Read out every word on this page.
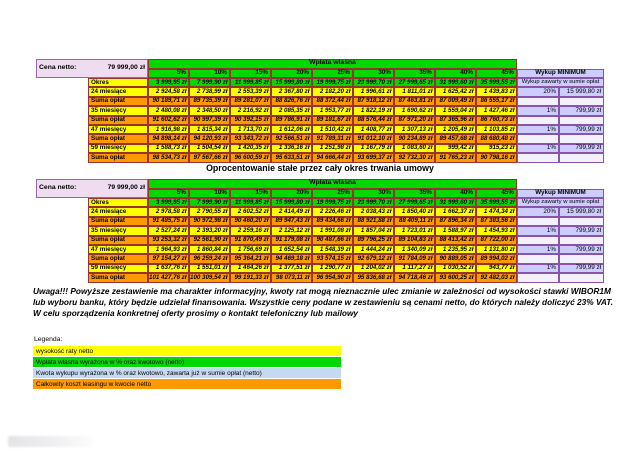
Cena netto:	79 999,00 zł
Wpłata własna
5%	10%	15%	20%	25%	30%	35%	40%	45%	Wykup MINIMUM
Wykup zawarty w sumie opłat
Okres	3 999,95 zł	7 999,90 zł	11 999,85 zł	15 999,80 zł	19 999,75 zł	23 999,70 zł	27 999,65 zł	31 999,60 zł	35 999,55 zł
24 miesiące	2 924,58 zł	2 738,99 zł	2 553,39 zł	2 367,80 zł	2 182,20 zł	1 996,61 zł	1 811,01 zł	1 625,42 zł	1 439,83 zł	20%	15 999,80 zł
Suma opłat	90 189,71 zł	89 735,39 zł	89 281,07 zł	88 826,76 zł	88 372,44 zł	87 918,12 zł	87 463,81 zł	87 009,49 zł	86 555,17 zł
35 miesięcy	2 480,08 zł	2 348,50 zł	2 216,92 zł	2 085,35 zł	1 953,77 zł	1 822,19 zł	1 690,62 zł	1 559,04 zł	1 427,46 zł	1%	799,99 zł
Suma opłat	91 602,62 zł	90 997,39 zł	90 392,15 zł	89 786,91 zł	89 181,67 zł	88 576,44 zł	87 971,20 zł	87 365,96 zł	86 760,73 zł
47 miesięcy	1 916,98 zł	1 815,34 zł	1 713,70 zł	1 612,06 zł	1 510,42 zł	1 408,77 zł	1 307,13 zł	1 205,49 zł	1 103,85 zł	1%	799,99 zł
Suma opłat	94 898,14 zł	94 120,93 zł	93 343,72 zł	92 566,51 zł	91 789,31 zł	91 012,10 zł	90 234,89 zł	89 457,68 zł	88 680,48 zł
59 miesięcy	1 588,73 zł	1 504,54 zł	1 420,35 zł	1 336,16 zł	1 251,98 zł	1 167,79 zł	1 083,60 zł	999,42 zł	915,23 zł	1%	799,99 zł
Suma opłat	98 534,73 zł	97 567,66 zł	96 600,59 zł	95 633,51 zł	94 666,44 zł	93 699,37 zł	92 732,30 zł	91 765,23 zł	90 798,16 zł
Oprocentowanie stałe przez cały okres trwania umowy
Cena netto:	79 999,00 zł
Wpłata własna
5%	10%	15%	20%	25%	30%	35%	40%	45%	Wykup MINIMUM
Wykup zawarty w sumie opłat
Okres	3 999,95 zł	7 999,90 zł	11 999,85 zł	15 999,80 zł	19 999,75 zł	23 999,70 zł	27 999,65 zł	31 999,60 zł	35 999,55 zł
24 miesiące	2 978,58 zł	2 790,55 zł	2 602,52 zł	2 414,49 zł	2 226,46 zł	2 038,43 zł	1 850,40 zł	1 662,37 zł	1 474,34 zł	20%	15 999,80 zł
Suma opłat	91 485,75 zł	90 972,98 zł	90 460,20 zł	89 947,43 zł	89 434,66 zł	88 921,88 zł	88 409,11 zł	87 896,34 zł	87 383,56 zł
35 miesięcy	2 527,24 zł	2 393,20 zł	2 259,16 zł	2 125,12 zł	1 991,08 zł	1 857,04 zł	1 723,01 zł	1 588,97 zł	1 454,93 zł	1%	799,99 zł
Suma opłat	93 253,32 zł	92 561,90 zł	91 870,49 zł	91 179,08 zł	90 487,66 zł	89 796,25 zł	89 104,83 zł	88 413,42 zł	87 722,00 zł
47 miesięcy	1 964,93 zł	1 860,84 zł	1 756,69 zł	1 652,54 zł	1 548,39 zł	1 444,24 zł	1 340,09 zł	1 235,95 zł	1 131,80 zł	1%	799,99 zł
Suma opłat	97 154,27 zł	96 259,24 zł	95 364,21 zł	94 469,18 zł	93 574,15 zł	92 679,12 zł	91 784,09 zł	90 889,05 zł	89 994,02 zł
59 miesięcy	1 637,76 zł	1 551,01 zł	1 464,26 zł	1 377,51 zł	1 290,77 zł	1 204,02 zł	1 117,27 zł	1 030,52 zł	943,77 zł	1%	799,99 zł
Suma opłat	101 427,76 zł 100 309,54 zł	99 191,33 zł	98 073,11 zł	96 954,90 zł	95 836,68 zł	94 718,46 zł	93 600,25 zł	92 482,03 zł

Uwaga!!! Powyższe zestawienie ma charakter informacyjny, kwoty rat mogą nieznacznie ulec zmianie w zależności od wysokości stawki WIBOR1M lub wyboru banku, który będzie udzielał finansowania. Wszystkie ceny podane w zestawieniu są cenami netto, do których należy doliczyć 23% VAT. W celu sporządzenia konkretnej oferty prosimy o kontakt telefoniczny lub mailowy

Legenda:
wysokość raty netto
Wpłata własna wyrażona w % oraz kwotowo (netto)
Kwota wykupu wyrażona w % oraz kwotowo, zawarta już w sumie opłat (netto)
Całkowity koszt leasingu w kwocie netto
